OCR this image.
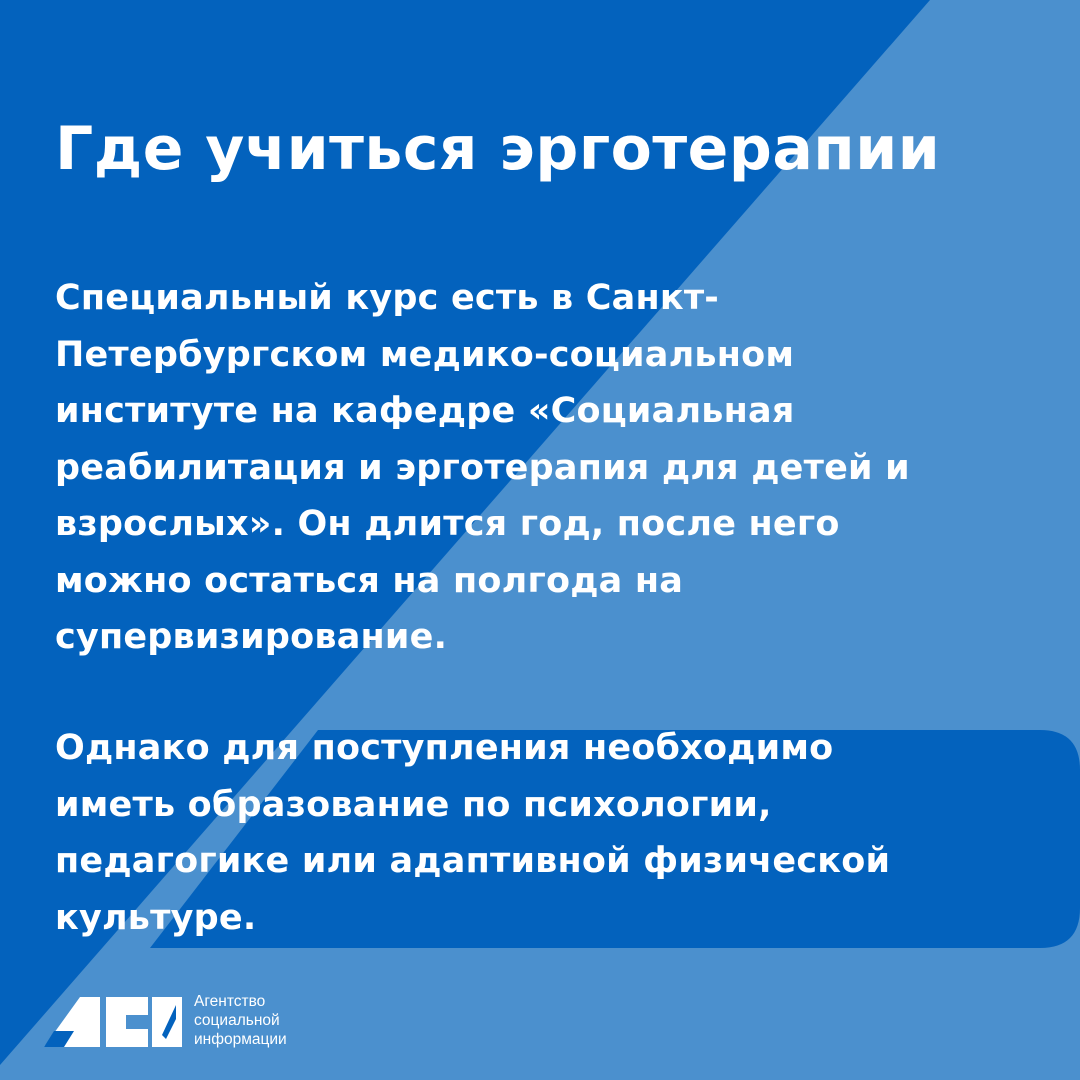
Где учиться эрготерапии

Специальный курс есть в Санкт-
Петербургском медико-социальном
институте на кафедре «Социальная
реабилитация и эрготерапия для детей и
взрослых». Он длится год, после него
можно остаться на полгода на
супервизирование.

Однако для поступления необходимо
иметь образование по психологии,
педагогике или адаптивной физической
культуре.

Агентство
социальной
информации
